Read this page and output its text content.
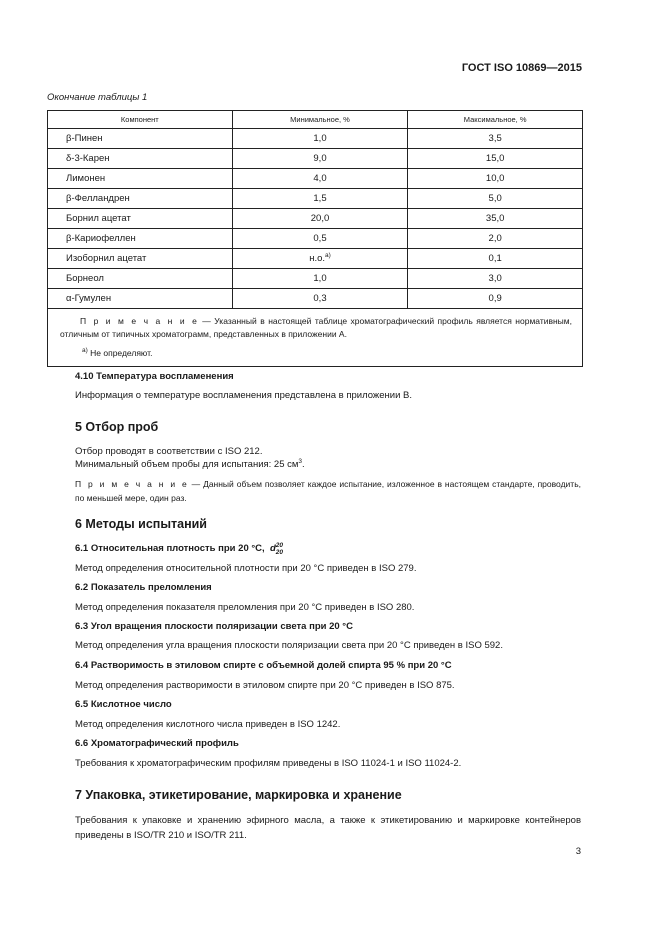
ГОСТ ISO 10869—2015
Окончание таблицы 1
Компонент	Минимальное, %	Максимальное, %
β-Пинен	1,0	3,5
δ-3-Карен	9,0	15,0
Лимонен	4,0	10,0
β-Фелландрен	1,5	5,0
Борнил ацетат	20,0	35,0
β-Кариофеллен	0,5	2,0
Изоборнил ацетат	н.о.$^{а)}$	0,1
Борнеол	1,0	3,0
α-Гумулен	0,3	0,9
П р и м е ч а н и е — Указанный в настоящей таблице хроматографический профиль является нормативным, отличным от типичных хроматограмм, представленных в приложении А.
$^{а)}$ Не определяют.		
4.10 Температура воспламенения
Информация о температуре воспламенения представлена в приложении В.
5 Отбор проб
Отбор проводят в соответствии с ISO 212.
Минимальный объем пробы для испытания: 25 $см^3$.
П р и м е ч а н и е — Данный объем позволяет каждое испытание, изложенное в настоящем стандарте, проводить, по меньшей мере, один раз.
6 Методы испытаний
6.1 Относительная плотность при 20 °С, d 20
20
Метод определения относительной плотности при 20 °С приведен в ISO 279.
6.2 Показатель преломления
Метод определения показателя преломления при 20 °С приведен в ISO 280.
6.3 Угол вращения плоскости поляризации света при 20 °С
Метод определения угла вращения плоскости поляризации света при 20 °С приведен в ISO 592.
6.4 Растворимость в этиловом спирте с объемной долей спирта 95 % при 20 °С
Метод определения растворимости в этиловом спирте при 20 °С приведен в ISO 875.
6.5 Кислотное число
Метод определения кислотного числа приведен в ISO 1242.
6.6 Хроматографический профиль
Требования к хроматографическим профилям приведены в ISO 11024-1 и ISO 11024-2.
7 Упаковка, этикетирование, маркировка и хранение
Требования к упаковке и хранению эфирного масла, а также к этикетированию и маркировке контейнеров приведены в ISO/TR 210 и ISO/TR 211.
3
